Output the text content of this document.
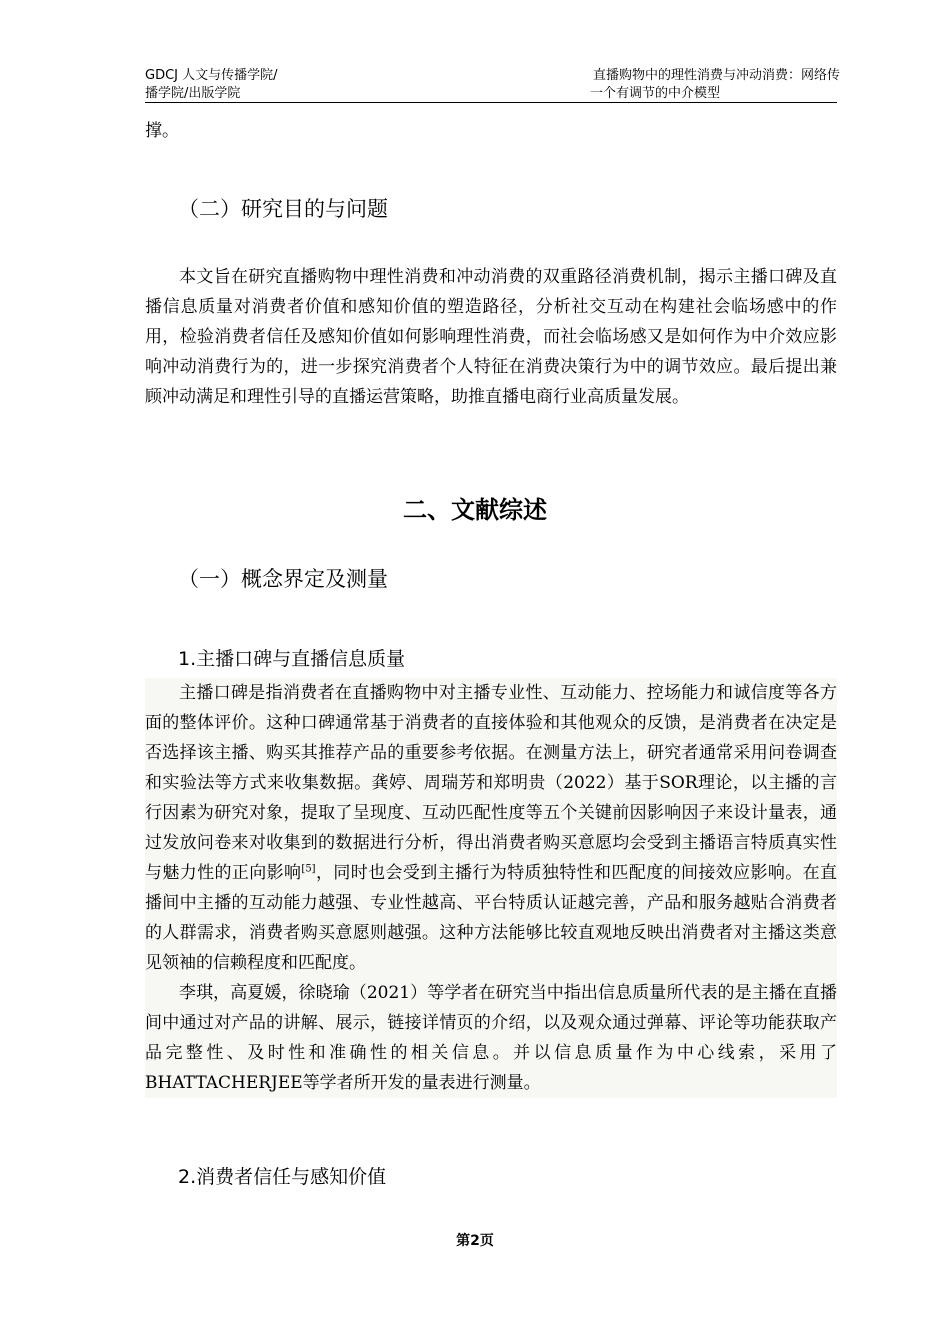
GDCJ 人文与传播学院/
播学院/出版学院
直播购物中的理性消费与冲动消费：网络传
一个有调节的中介模型

撑。

（二）研究目的与问题

本文旨在研究直播购物中理性消费和冲动消费的双重路径消费机制，揭示主播口碑及直播信息质量对消费者价值和感知价值的塑造路径，分析社交互动在构建社会临场感中的作用，检验消费者信任及感知价值如何影响理性消费，而社会临场感又是如何作为中介效应影响冲动消费行为的，进一步探究消费者个人特征在消费决策行为中的调节效应。最后提出兼顾冲动满足和理性引导的直播运营策略，助推直播电商行业高质量发展。

二、文献综述
（一）概念界定及测量
1.主播口碑与直播信息质量

主播口碑是指消费者在直播购物中对主播专业性、互动能力、控场能力和诚信度等各方面的整体评价。这种口碑通常基于消费者的直接体验和其他观众的反馈，是消费者在决定是否选择该主播、购买其推荐产品的重要参考依据。在测量方法上，研究者通常采用问卷调查和实验法等方式来收集数据。龚婷、周瑞芳和郑明贵（2022）基于SOR理论，以主播的言行因素为研究对象，提取了呈现度、互动匹配性度等五个关键前因影响因子来设计量表，通过发放问卷来对收集到的数据进行分析，得出消费者购买意愿均会受到主播语言特质真实性与魅力性的正向影响[5]，同时也会受到主播行为特质独特性和匹配度的间接效应影响。在直播间中主播的互动能力越强、专业性越高、平台特质认证越完善，产品和服务越贴合消费者的人群需求，消费者购买意愿则越强。这种方法能够比较直观地反映出消费者对主播这类意见领袖的信赖程度和匹配度。

李琪，高夏媛，徐晓瑜（2021）等学者在研究当中指出信息质量所代表的是主播在直播间中通过对产品的讲解、展示，链接详情页的介绍，以及观众通过弹幕、评论等功能获取产品完整性、及时性和准确性的相关信息。并以信息质量作为中心线索，采用了BHATTACHERJEE等学者所开发的量表进行测量。

2.消费者信任与感知价值
第2页
